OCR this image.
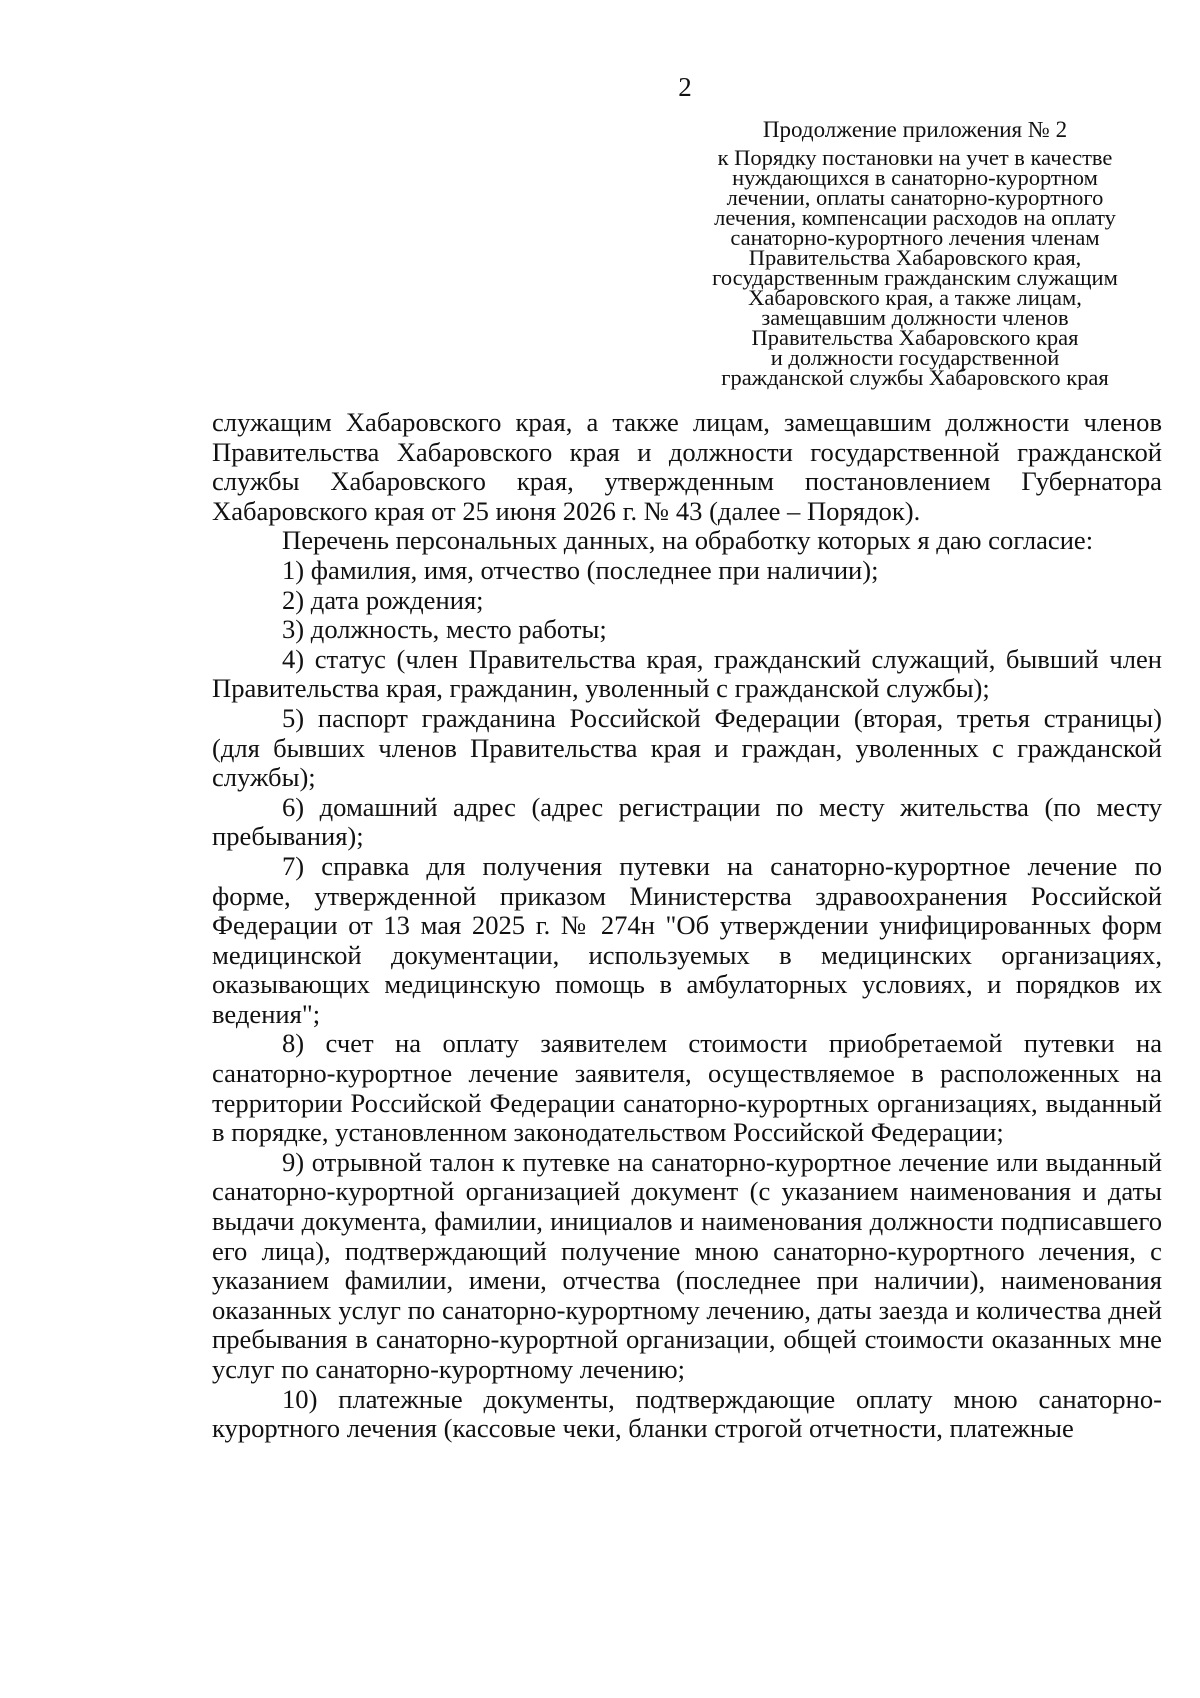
2
Продолжение приложения № 2
к Порядку постановки на учет в качестве
нуждающихся в санаторно-курортном
лечении, оплаты санаторно-курортного
лечения, компенсации расходов на оплату
санаторно-курортного лечения членам
Правительства Хабаровского края,
государственным гражданским служащим
Хабаровского края, а также лицам,
замещавшим должности членов
Правительства Хабаровского края
и должности государственной
гражданской службы Хабаровского края

служащим Хабаровского края, а также лицам, замещавшим должности членов Правительства Хабаровского края и должности государственной гражданской службы Хабаровского края, утвержденным постановлением Губернатора Хабаровского края от 25 июня 2026 г. № 43 (далее – Порядок).

Перечень персональных данных, на обработку которых я даю согласие:

1) фамилия, имя, отчество (последнее при наличии);

2) дата рождения;

3) должность, место работы;

4) статус (член Правительства края, гражданский служащий, бывший член Правительства края, гражданин, уволенный с гражданской службы);

5) паспорт гражданина Российской Федерации (вторая, третья страницы) (для бывших членов Правительства края и граждан, уволенных с гражданской службы);

6) домашний адрес (адрес регистрации по месту жительства (по месту пребывания);

7) справка для получения путевки на санаторно-курортное лечение по форме, утвержденной приказом Министерства здравоохранения Российской Федерации от 13 мая 2025 г. № 274н "Об утверждении унифицированных форм медицинской документации, используемых в медицинских организациях, оказывающих медицинскую помощь в амбулаторных условиях, и порядков их ведения";

8) счет на оплату заявителем стоимости приобретаемой путевки на санаторно-курортное лечение заявителя, осуществляемое в расположенных на территории Российской Федерации санаторно-курортных организациях, выданный в порядке, установленном законодательством Российской Федерации;

9) отрывной талон к путевке на санаторно-курортное лечение или выданный санаторно-курортной организацией документ (с указанием наименования и даты выдачи документа, фамилии, инициалов и наименования должности подписавшего его лица), подтверждающий получение мною санаторно-курортного лечения, с указанием фамилии, имени, отчества (последнее при наличии), наименования оказанных услуг по санаторно-курортному лечению, даты заезда и количества дней пребывания в санаторно-курортной организации, общей стоимости оказанных мне услуг по санаторно-курортному лечению;

10) платежные документы, подтверждающие оплату мною санаторно-курортного лечения (кассовые чеки, бланки строгой отчетности, платежные
